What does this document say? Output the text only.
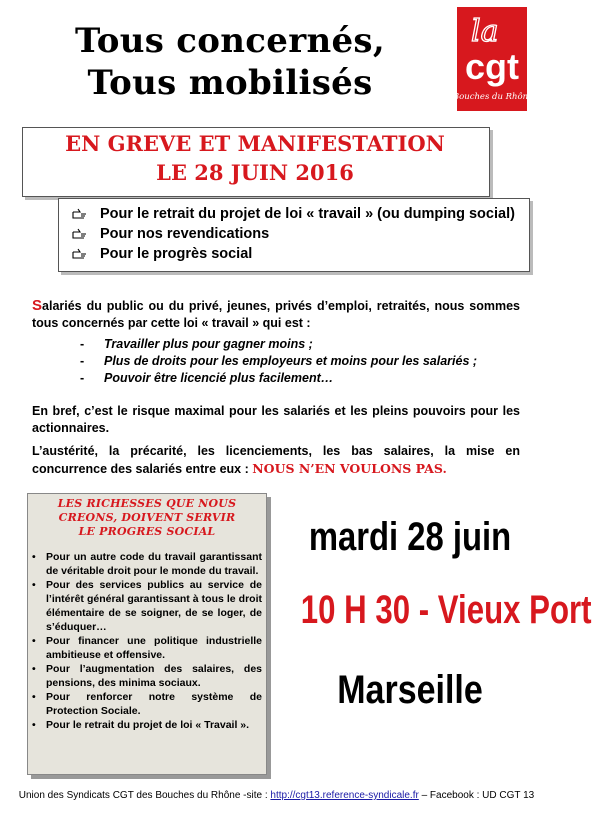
Tous concernés,
Tous mobilisés
la
cgt
Bouches du Rhône
EN GREVE ET MANIFESTATION
LE 28 JUIN 2016
Pour le retrait du projet de loi « travail » (ou dumping social)
Pour nos revendications
Pour le progrès social
Salariés du public ou du privé, jeunes, privés d’emploi, retraités, nous sommes tous concernés par cette loi « travail » qui est :
-	Travailler plus pour gagner moins ;
-	Plus de droits pour les employeurs et moins pour les salariés ;
-	Pouvoir être licencié plus facilement…
En bref, c’est le risque maximal pour les salariés et les pleins pouvoirs pour les actionnaires.
L’austérité, la précarité, les licenciements, les bas salaires, la mise en concurrence des salariés entre eux : NOUS N’EN VOULONS PAS.
LES RICHESSES QUE NOUS
CREONS, DOIVENT SERVIR
LE PROGRES SOCIAL
• Pour un autre code du travail garantissant de véritable droit pour le monde du travail.
• Pour des services publics au service de l’intérêt général garantissant à tous le droit élémentaire de se soigner, de se loger, de s’éduquer…
• Pour financer une politique industrielle ambitieuse et offensive.
• Pour l’augmentation des salaires, des pensions, des minima sociaux.
• Pour renforcer notre système de Protection Sociale.
• Pour le retrait du projet de loi « Travail ».
mardi 28 juin
10 H 30 - Vieux Port
Marseille
Union des Syndicats CGT des Bouches du Rhône -site : http://cgt13.reference-syndicale.fr – Facebook : UD CGT 13
